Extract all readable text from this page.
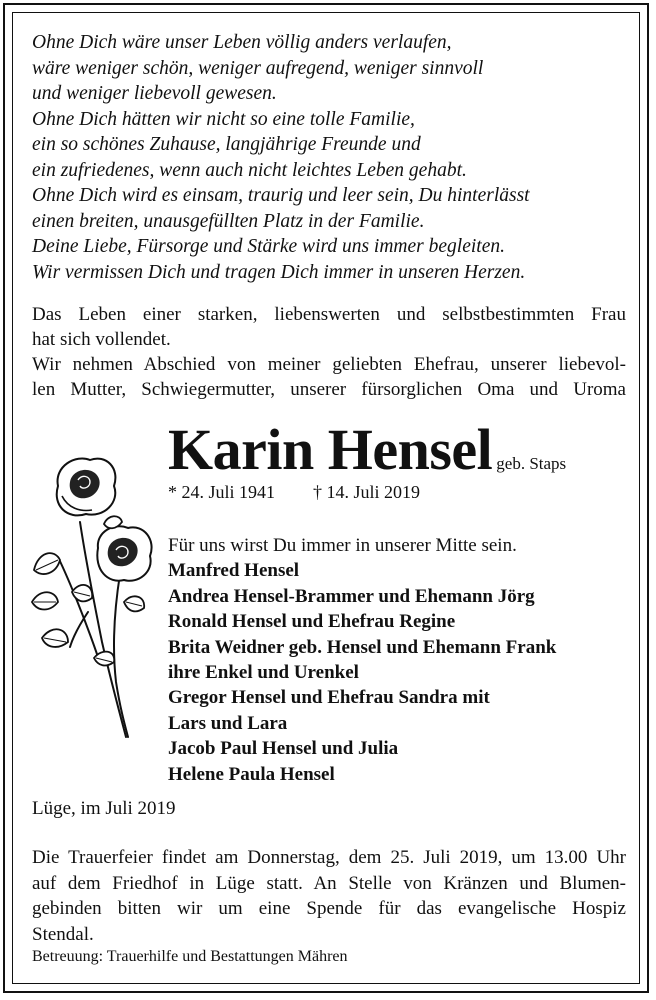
Ohne Dich wäre unser Leben völlig anders verlaufen,
wäre weniger schön, weniger aufregend, weniger sinnvoll
und weniger liebevoll gewesen.
Ohne Dich hätten wir nicht so eine tolle Familie,
ein so schönes Zuhause, langjährige Freunde und
ein zufriedenes, wenn auch nicht leichtes Leben gehabt.
Ohne Dich wird es einsam, traurig und leer sein, Du hinterlässt
einen breiten, unausgefüllten Platz in der Familie.
Deine Liebe, Fürsorge und Stärke wird uns immer begleiten.
Wir vermissen Dich und tragen Dich immer in unseren Herzen.
Das Leben einer starken, liebenswerten und selbstbestimmten Frau
hat sich vollendet.
Wir nehmen Abschied von meiner geliebten Ehefrau, unserer liebevol-
len Mutter, Schwiegermutter, unserer fürsorglichen Oma und Uroma
Karin Hensel geb. Staps
* 24. Juli 1941 † 14. Juli 2019
Für uns wirst Du immer in unserer Mitte sein.
Manfred Hensel
Andrea Hensel-Brammer und Ehemann Jörg
Ronald Hensel und Ehefrau Regine
Brita Weidner geb. Hensel und Ehemann Frank
ihre Enkel und Urenkel
Gregor Hensel und Ehefrau Sandra mit
Lars und Lara
Jacob Paul Hensel und Julia
Helene Paula Hensel
Lüge, im Juli 2019
Die Trauerfeier findet am Donnerstag, dem 25. Juli 2019, um 13.00 Uhr
auf dem Friedhof in Lüge statt. An Stelle von Kränzen und Blumen-
gebinden bitten wir um eine Spende für das evangelische Hospiz
Stendal.
Betreuung: Trauerhilfe und Bestattungen Mähren
